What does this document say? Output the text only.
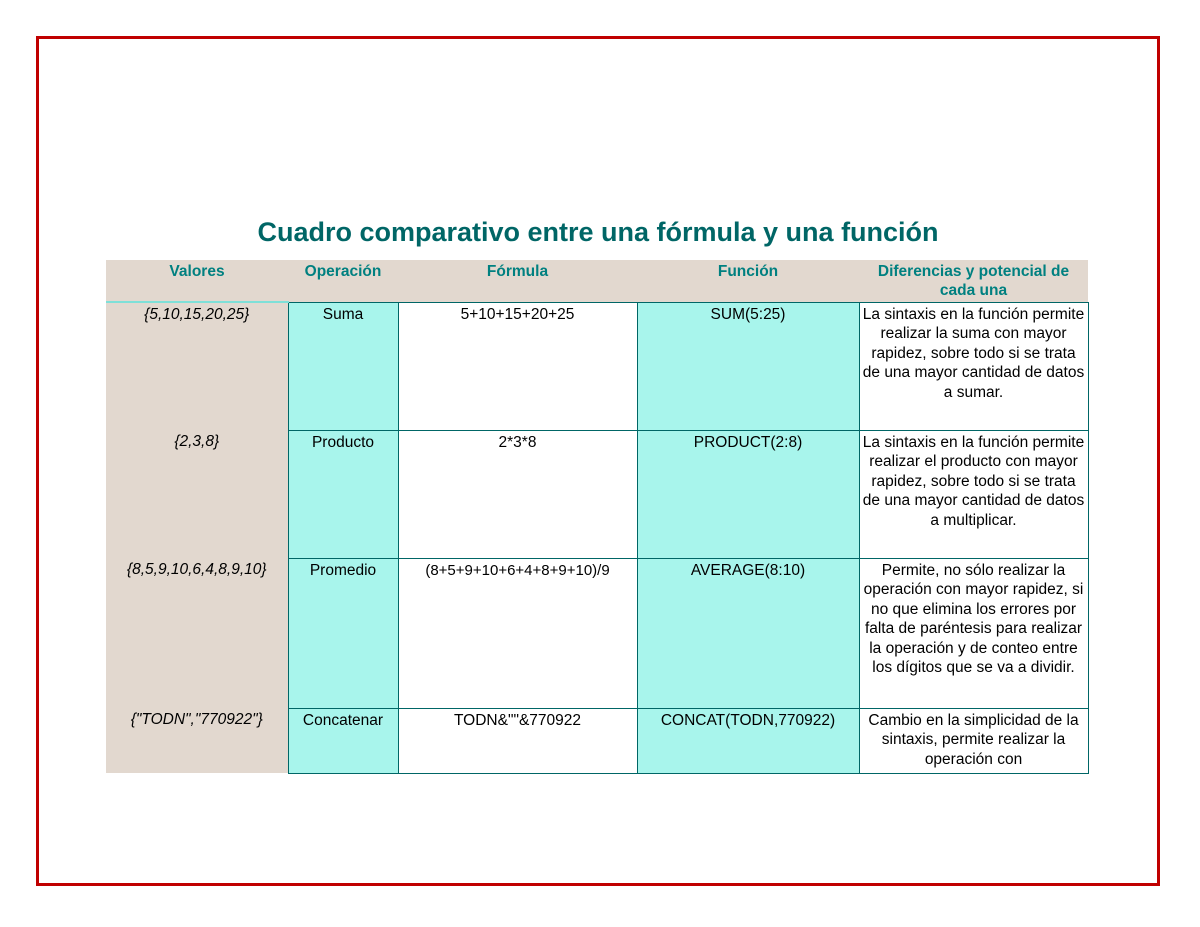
Cuadro comparativo entre una fórmula y una función
Valores	Operación	Fórmula	Función	Diferencias y potencial de cada una
{5,10,15,20,25}	Suma	5+10+15+20+25	SUM(5:25)	La sintaxis en la función permite realizar la suma con mayor rapidez, sobre todo si se trata de una mayor cantidad de datos a sumar.
{2,3,8}	Producto	2*3*8	PRODUCT(2:8)	La sintaxis en la función permite realizar el producto con mayor rapidez, sobre todo si se trata de una mayor cantidad de datos a multiplicar.
{8,5,9,10,6,4,8,9,10}	Promedio	(8+5+9+10+6+4+8+9+10)/9	AVERAGE(8:10)	Permite, no sólo realizar la operación con mayor rapidez, si no que elimina los errores por falta de paréntesis para realizar la operación y de conteo entre los dígitos que se va a dividir.
{"TODN","770922"}	Concatenar	TODN&""&770922	CONCAT(TODN,770922)	Cambio en la simplicidad de la sintaxis, permite realizar la operación con
